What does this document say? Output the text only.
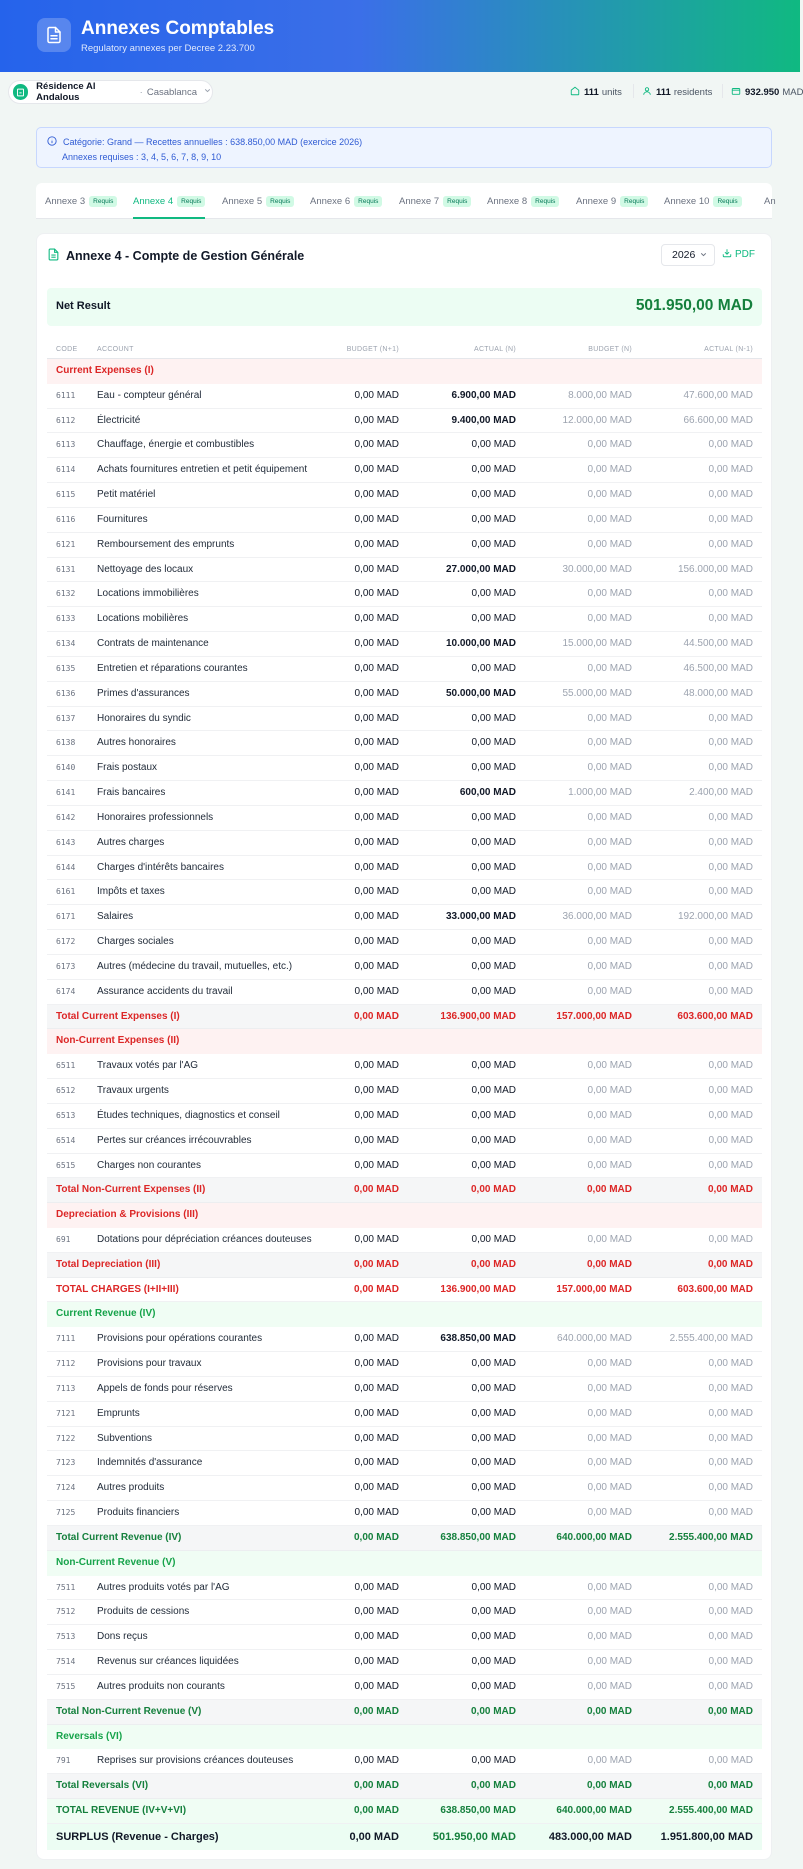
Annexes Comptables
Regulatory annexes per Decree 2.23.700
Résidence Al Andalous	· Casablanca	111 units	111 residents	932.950 MAD
Catégorie: Grand — Recettes annuelles : 638.850,00 MAD (exercice 2026)
Annexes requises : 3, 4, 5, 6, 7, 8, 9, 10
Annexe 3	Requis	Annexe 4	Requis	Annexe 5	Requis	Annexe 6	Requis	Annexe 7	Requis	Annexe 8	Requis	Annexe 9	Requis	Annexe 10	Requis	An
Annexe 4 - Compte de Gestion Générale	2026	PDF
Net Result	501.950,00 MAD
CODE	ACCOUNT	BUDGET (N+1)	ACTUAL (N)	BUDGET (N)	ACTUAL (N-1)
Current Expenses (I)
6111 Eau - compteur général	0,00 MAD	6.900,00 MAD	8.000,00 MAD	47.600,00 MAD
6112 Électricité	0,00 MAD	9.400,00 MAD	12.000,00 MAD	66.600,00 MAD
6113 Chauffage, énergie et combustibles	0,00 MAD	0,00 MAD	0,00 MAD	0,00 MAD
6114 Achats fournitures entretien et petit équipement	0,00 MAD	0,00 MAD	0,00 MAD	0,00 MAD
6115 Petit matériel	0,00 MAD	0,00 MAD	0,00 MAD	0,00 MAD
6116 Fournitures	0,00 MAD	0,00 MAD	0,00 MAD	0,00 MAD
6121 Remboursement des emprunts	0,00 MAD	0,00 MAD	0,00 MAD	0,00 MAD
6131 Nettoyage des locaux	0,00 MAD	27.000,00 MAD	30.000,00 MAD	156.000,00 MAD
6132 Locations immobilières	0,00 MAD	0,00 MAD	0,00 MAD	0,00 MAD
6133 Locations mobilières	0,00 MAD	0,00 MAD	0,00 MAD	0,00 MAD
6134 Contrats de maintenance	0,00 MAD	10.000,00 MAD	15.000,00 MAD	44.500,00 MAD
6135 Entretien et réparations courantes	0,00 MAD	0,00 MAD	0,00 MAD	46.500,00 MAD
6136 Primes d'assurances	0,00 MAD	50.000,00 MAD	55.000,00 MAD	48.000,00 MAD
6137 Honoraires du syndic	0,00 MAD	0,00 MAD	0,00 MAD	0,00 MAD
6138 Autres honoraires	0,00 MAD	0,00 MAD	0,00 MAD	0,00 MAD
6140 Frais postaux	0,00 MAD	0,00 MAD	0,00 MAD	0,00 MAD
6141 Frais bancaires	0,00 MAD	600,00 MAD	1.000,00 MAD	2.400,00 MAD
6142 Honoraires professionnels	0,00 MAD	0,00 MAD	0,00 MAD	0,00 MAD
6143 Autres charges	0,00 MAD	0,00 MAD	0,00 MAD	0,00 MAD
6144 Charges d'intérêts bancaires	0,00 MAD	0,00 MAD	0,00 MAD	0,00 MAD
6161 Impôts et taxes	0,00 MAD	0,00 MAD	0,00 MAD	0,00 MAD
6171 Salaires	0,00 MAD	33.000,00 MAD	36.000,00 MAD	192.000,00 MAD
6172 Charges sociales	0,00 MAD	0,00 MAD	0,00 MAD	0,00 MAD
6173 Autres (médecine du travail, mutuelles, etc.)	0,00 MAD	0,00 MAD	0,00 MAD	0,00 MAD
6174 Assurance accidents du travail	0,00 MAD	0,00 MAD	0,00 MAD	0,00 MAD
Total Current Expenses (I)	0,00 MAD	136.900,00 MAD	157.000,00 MAD	603.600,00 MAD
Non-Current Expenses (II)
6511 Travaux votés par l'AG	0,00 MAD	0,00 MAD	0,00 MAD	0,00 MAD
6512 Travaux urgents	0,00 MAD	0,00 MAD	0,00 MAD	0,00 MAD
6513 Études techniques, diagnostics et conseil	0,00 MAD	0,00 MAD	0,00 MAD	0,00 MAD
6514 Pertes sur créances irrécouvrables	0,00 MAD	0,00 MAD	0,00 MAD	0,00 MAD
6515 Charges non courantes	0,00 MAD	0,00 MAD	0,00 MAD	0,00 MAD
Total Non-Current Expenses (II)	0,00 MAD	0,00 MAD	0,00 MAD	0,00 MAD
Depreciation & Provisions (III)
691	Dotations pour dépréciation créances douteuses	0,00 MAD	0,00 MAD	0,00 MAD	0,00 MAD
Total Depreciation (III)	0,00 MAD	0,00 MAD	0,00 MAD	0,00 MAD
TOTAL CHARGES (I+II+III)	0,00 MAD	136.900,00 MAD	157.000,00 MAD	603.600,00 MAD
Current Revenue (IV)
7111 Provisions pour opérations courantes	0,00 MAD	638.850,00 MAD	640.000,00 MAD	2.555.400,00 MAD
7112 Provisions pour travaux	0,00 MAD	0,00 MAD	0,00 MAD	0,00 MAD
7113 Appels de fonds pour réserves	0,00 MAD	0,00 MAD	0,00 MAD	0,00 MAD
7121 Emprunts	0,00 MAD	0,00 MAD	0,00 MAD	0,00 MAD
7122 Subventions	0,00 MAD	0,00 MAD	0,00 MAD	0,00 MAD
7123 Indemnités d'assurance	0,00 MAD	0,00 MAD	0,00 MAD	0,00 MAD
7124 Autres produits	0,00 MAD	0,00 MAD	0,00 MAD	0,00 MAD
7125 Produits financiers	0,00 MAD	0,00 MAD	0,00 MAD	0,00 MAD
Total Current Revenue (IV)	0,00 MAD	638.850,00 MAD	640.000,00 MAD	2.555.400,00 MAD
Non-Current Revenue (V)
7511 Autres produits votés par l'AG	0,00 MAD	0,00 MAD	0,00 MAD	0,00 MAD
7512 Produits de cessions	0,00 MAD	0,00 MAD	0,00 MAD	0,00 MAD
7513 Dons reçus	0,00 MAD	0,00 MAD	0,00 MAD	0,00 MAD
7514 Revenus sur créances liquidées	0,00 MAD	0,00 MAD	0,00 MAD	0,00 MAD
7515 Autres produits non courants	0,00 MAD	0,00 MAD	0,00 MAD	0,00 MAD
Total Non-Current Revenue (V)	0,00 MAD	0,00 MAD	0,00 MAD	0,00 MAD
Reversals (VI)
791	Reprises sur provisions créances douteuses	0,00 MAD	0,00 MAD	0,00 MAD	0,00 MAD
Total Reversals (VI)	0,00 MAD	0,00 MAD	0,00 MAD	0,00 MAD
TOTAL REVENUE (IV+V+VI)	0,00 MAD	638.850,00 MAD	640.000,00 MAD	2.555.400,00 MAD
SURPLUS (Revenue - Charges)	0,00 MAD	501.950,00 MAD	483.000,00 MAD	1.951.800,00 MAD
